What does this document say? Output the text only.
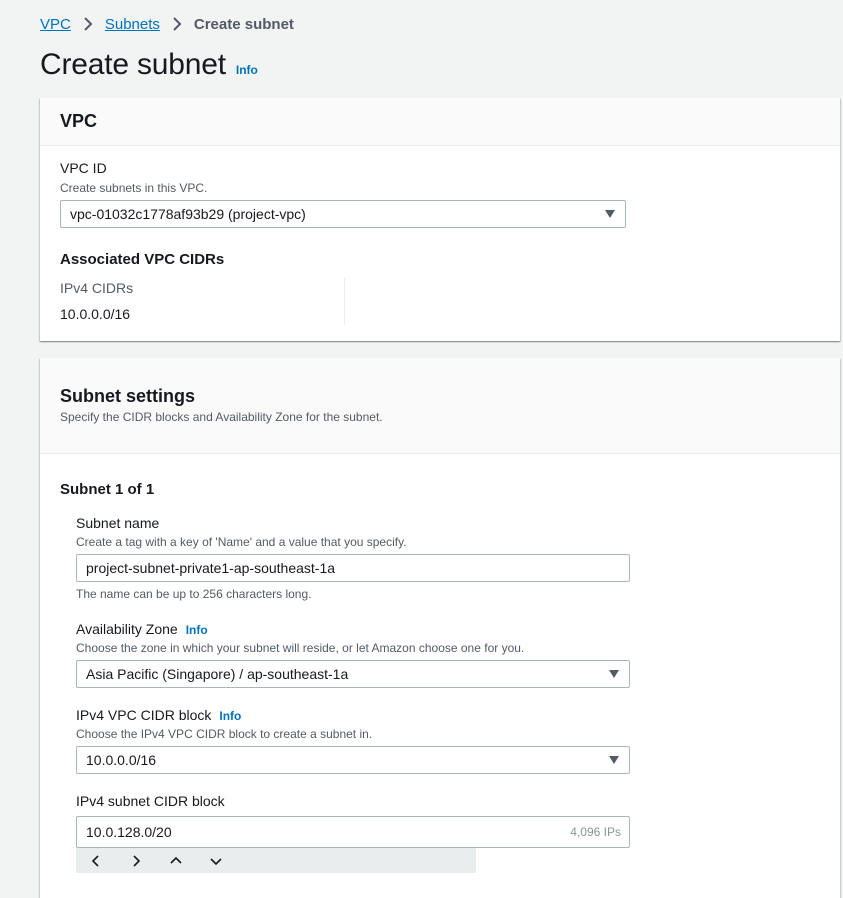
VPC Subnets Create subnet
Create subnet Info
VPC
VPC ID
Create subnets in this VPC.
vpc-01032c1778af93b29 (project-vpc)
Associated VPC CIDRs
IPv4 CIDRs
10.0.0.0/16
Subnet settings
Specify the CIDR blocks and Availability Zone for the subnet.
Subnet 1 of 1
Subnet name
Create a tag with a key of 'Name' and a value that you specify.
project-subnet-private1-ap-southeast-1a
The name can be up to 256 characters long.
Availability Zone Info
Choose the zone in which your subnet will reside, or let Amazon choose one for you.
Asia Pacific (Singapore) / ap-southeast-1a
IPv4 VPC CIDR block Info
Choose the IPv4 VPC CIDR block to create a subnet in.
10.0.0.0/16
IPv4 subnet CIDR block
10.0.128.0/20	4,096 IPs
